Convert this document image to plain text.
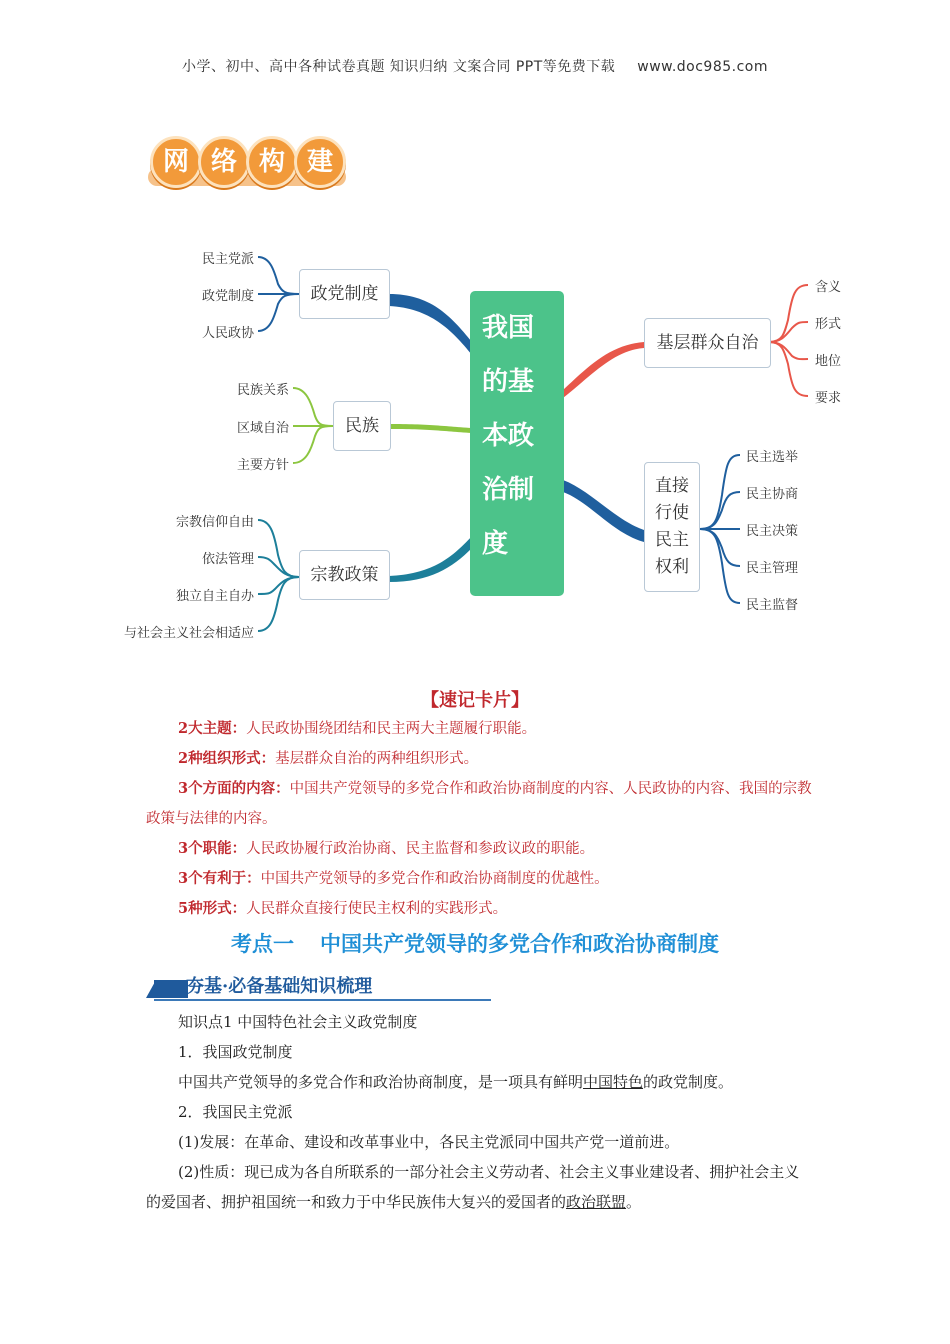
小学、初中、高中各种试卷真题 知识归纳 文案合同 PPT等免费下载 www.doc985.com
网 络 构 建
我国
的基
本政
治制
度
政党制度
民族
宗教政策
民主党派
政党制度
人民政协
民族关系
区域自治
主要方针
宗教信仰自由
依法管理
独立自主自办
与社会主义社会相适应
基层群众自治
直接
行使
民主
权利
含义
形式
地位
要求
民主选举
民主协商
民主决策
民主管理
民主监督
【速记卡片】
2大主题：人民政协围绕团结和民主两大主题履行职能。
2种组织形式：基层群众自治的两种组织形式。
3个方面的内容：中国共产党领导的多党合作和政治协商制度的内容、人民政协的内容、我国的宗教政策与法律的内容。
3个职能：人民政协履行政治协商、民主监督和参政议政的职能。
3个有利于：中国共产党领导的多党合作和政治协商制度的优越性。
5种形式：人民群众直接行使民主权利的实践形式。
考点一 中国共产党领导的多党合作和政治协商制度
夯基·必备基础知识梳理
知识点1 中国特色社会主义政党制度
1．我国政党制度
中国共产党领导的多党合作和政治协商制度，是一项具有鲜明中国特色的政党制度。
2．我国民主党派
(1)发展：在革命、建设和改革事业中，各民主党派同中国共产党一道前进。
(2)性质：现已成为各自所联系的一部分社会主义劳动者、社会主义事业建设者、拥护社会主义的爱国者、拥护祖国统一和致力于中华民族伟大复兴的爱国者的政治联盟。
